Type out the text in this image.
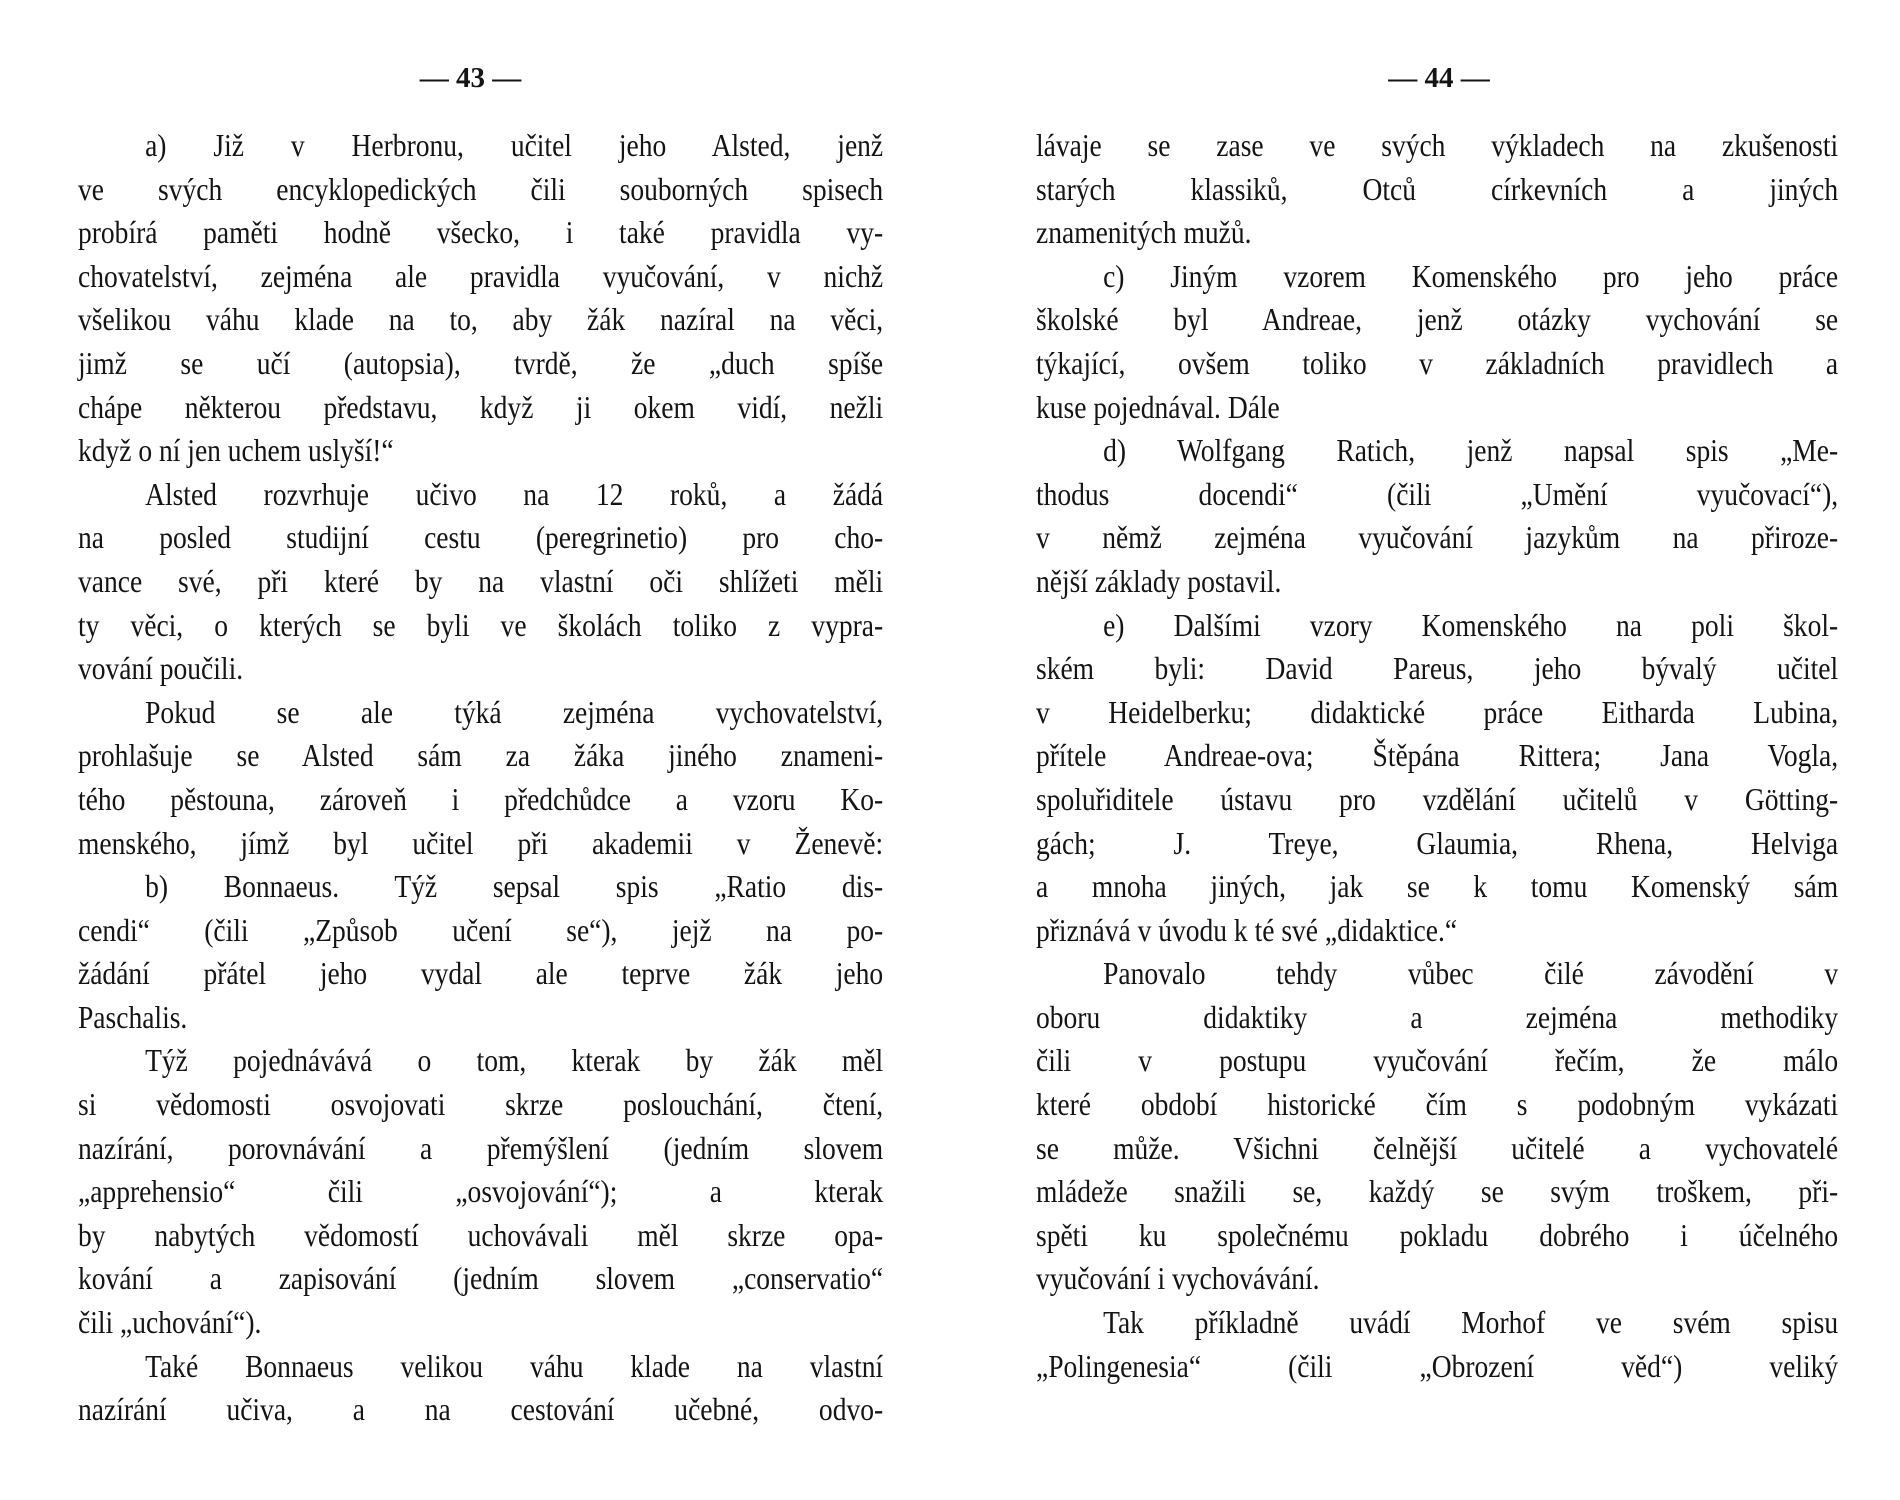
— 43 —
a) Již v Herbronu, učitel jeho Alsted, jenž
ve svých encyklopedických čili souborných spisech
probírá paměti hodně všecko, i také pravidla vy-
chovatelství, zejména ale pravidla vyučování, v nichž
všelikou váhu klade na to, aby žák nazíral na věci,
jimž se učí (autopsia), tvrdě, že „duch spíše
chápe některou představu, když ji okem vidí, nežli
když o ní jen uchem uslyší!“
Alsted rozvrhuje učivo na 12 roků, a žádá
na posled studijní cestu (peregrinetio) pro cho-
vance své, při které by na vlastní oči shlížeti měli
ty věci, o kterých se byli ve školách toliko z vypra-
vování poučili.
Pokud se ale týká zejména vychovatelství,
prohlašuje se Alsted sám za žáka jiného znameni-
tého pěstouna, zároveň i předchůdce a vzoru Ko-
menského, jímž byl učitel při akademii v Ženevě:
b) Bonnaeus. Týž sepsal spis „Ratio dis-
cendi“ (čili „Způsob učení se“), jejž na po-
žádání přátel jeho vydal ale teprve žák jeho
Paschalis.
Týž pojednávává o tom, kterak by žák měl
si vědomosti osvojovati skrze poslouchání, čtení,
nazírání, porovnávání a přemýšlení (jedním slovem
„apprehensio“ čili „osvojování“); a kterak
by nabytých vědomostí uchovávali měl skrze opa-
kování a zapisování (jedním slovem „conservatio“
čili „uchování“).
Také Bonnaeus velikou váhu klade na vlastní
nazírání učiva, a na cestování učebné, odvo-
— 44 —
lávaje se zase ve svých výkladech na zkušenosti
starých klassiků, Otců církevních a jiných
znamenitých mužů.
c) Jiným vzorem Komenského pro jeho práce
školské byl Andreae, jenž otázky vychování se
týkající, ovšem toliko v základních pravidlech a
kuse pojednával. Dále
d) Wolfgang Ratich, jenž napsal spis „Me-
thodus docendi“ (čili „Umění vyučovací“),
v němž zejména vyučování jazykům na přiroze-
nější základy postavil.
e) Dalšími vzory Komenského na poli škol-
ském byli: David Pareus, jeho bývalý učitel
v Heidelberku; didaktické práce Eitharda Lubina,
přítele Andreae-ova; Štěpána Rittera; Jana Vogla,
spoluřiditele ústavu pro vzdělání učitelů v Götting-
gách; J. Treye, Glaumia, Rhena, Helviga
a mnoha jiných, jak se k tomu Komenský sám
přiznává v úvodu k té své „didaktice.“
Panovalo tehdy vůbec čilé závodění v
oboru didaktiky a zejména methodiky
čili v postupu vyučování řečím, že málo
které období historické čím s podobným vykázati
se může. Všichni čelnější učitelé a vychovatelé
mládeže snažili se, každý se svým troškem, při-
spěti ku společnému pokladu dobrého i účelného
vyučování i vychovávání.
Tak příkladně uvádí Morhof ve svém spisu
„Polingenesia“ (čili „Obrození věd“) veliký
